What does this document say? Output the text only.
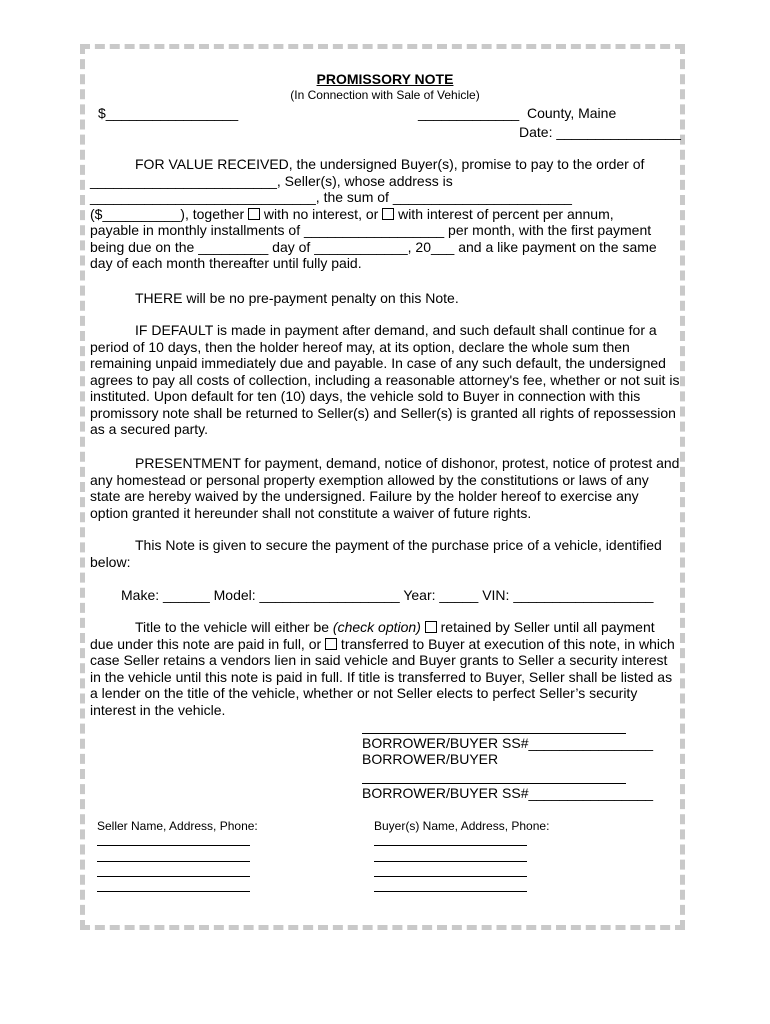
PROMISSORY NOTE
(In Connection with Sale of Vehicle)
$_________________	_____________  County, Maine
Date: ________________
FOR VALUE RECEIVED, the undersigned Buyer(s), promise to pay to the order of
________________________, Seller(s), whose address is
_____________________________, the sum of _______________________
($__________), together  with no interest, or  with interest of percent per annum,
payable in monthly installments of __________________ per month, with the first payment
being due on the _________ day of ____________, 20___ and a like payment on the same
day of each month thereafter until fully paid.
THERE will be no pre-payment penalty on this Note.
IF DEFAULT is made in payment after demand, and such default shall continue for a period of 10 days, then the holder hereof may, at its option, declare the whole sum then remaining unpaid immediately due and payable. In case of any such default, the undersigned agrees to pay all costs of collection, including a reasonable attorney's fee, whether or not suit is instituted. Upon default for ten (10) days, the vehicle sold to Buyer in connection with this promissory note shall be returned to Seller(s) and Seller(s) is granted all rights of repossession as a secured party.
PRESENTMENT for payment, demand, notice of dishonor, protest, notice of protest and any homestead or personal property exemption allowed by the constitutions or laws of any state are hereby waived by the undersigned. Failure by the holder hereof to exercise any option granted it hereunder shall not constitute a waiver of future rights.
This Note is given to secure the payment of the purchase price of a vehicle, identified below:
Make: ______ Model: __________________ Year: _____ VIN: __________________
Title to the vehicle will either be (check option)  retained by Seller until all payment due under this note are paid in full, or  transferred to Buyer at execution of this note, in which case Seller retains a vendors lien in said vehicle and Buyer grants to Seller a security interest in the vehicle until this note is paid in full. If title is transferred to Buyer, Seller shall be listed as a lender on the title of the vehicle, whether or not Seller elects to perfect Seller’s security interest in the vehicle.
BORROWER/BUYER SS#________________
BORROWER/BUYER
BORROWER/BUYER SS#________________
Seller Name, Address, Phone:	Buyer(s) Name, Address, Phone:
